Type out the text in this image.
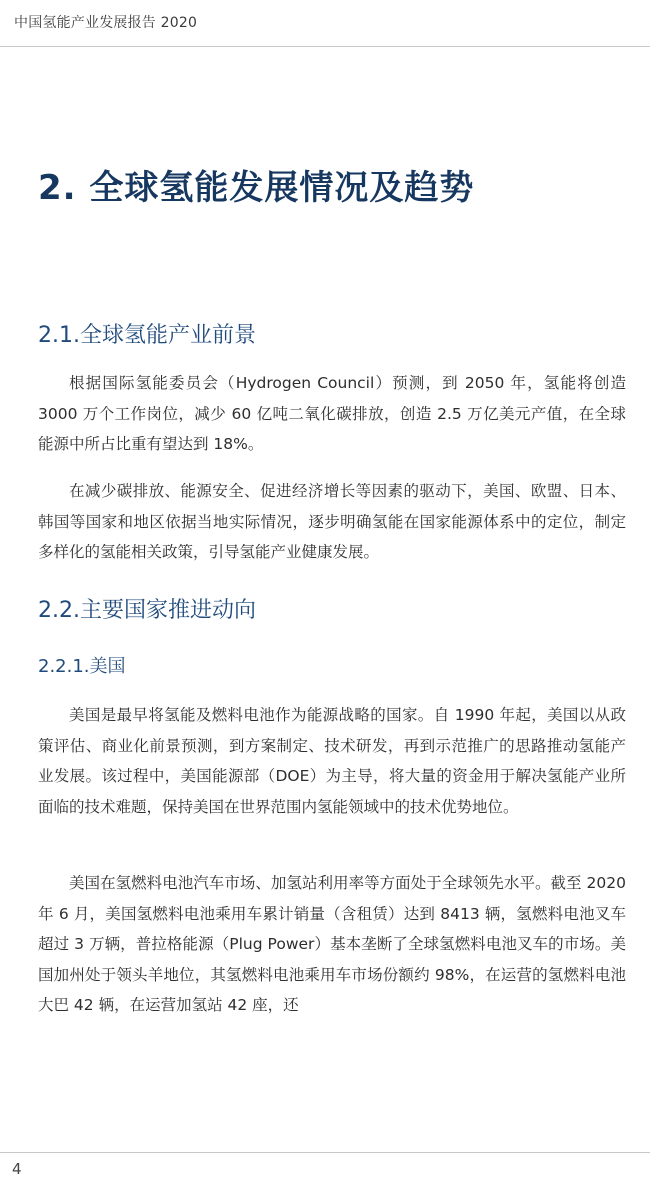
中国氢能产业发展报告 2020
2. 全球氢能发展情况及趋势
2.1.全球氢能产业前景

根据国际氢能委员会（Hydrogen Council）预测，到 2050 年，氢能将创造 3000 万个工作岗位，减少 60 亿吨二氧化碳排放，创造 2.5 万亿美元产值，在全球能源中所占比重有望达到 18%。

在减少碳排放、能源安全、促进经济增长等因素的驱动下，美国、欧盟、日本、韩国等国家和地区依据当地实际情况，逐步明确氢能在国家能源体系中的定位，制定多样化的氢能相关政策，引导氢能产业健康发展。

2.2.主要国家推进动向
2.2.1.美国

美国是最早将氢能及燃料电池作为能源战略的国家。自 1990 年起，美国以从政策评估、商业化前景预测，到方案制定、技术研发，再到示范推广的思路推动氢能产业发展。该过程中，美国能源部（DOE）为主导，将大量的资金用于解决氢能产业所面临的技术难题，保持美国在世界范围内氢能领域中的技术优势地位。

美国在氢燃料电池汽车市场、加氢站利用率等方面处于全球领先水平。截至 2020 年 6 月，美国氢燃料电池乘用车累计销量（含租赁）达到 8413 辆，氢燃料电池叉车超过 3 万辆，普拉格能源（Plug Power）基本垄断了全球氢燃料电池叉车的市场。美国加州处于领头羊地位，其氢燃料电池乘用车市场份额约 98%，在运营的氢燃料电池大巴 42 辆，在运营加氢站 42 座，还

4
